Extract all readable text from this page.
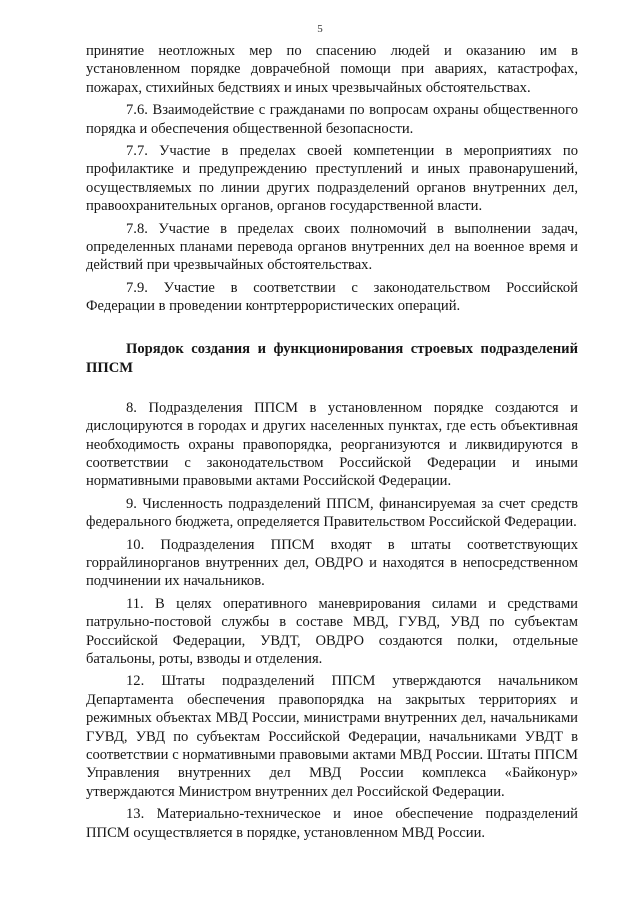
5

принятие неотложных мер по спасению людей и оказанию им в установленном порядке доврачебной помощи при авариях, катастрофах, пожарах, стихийных бедствиях и иных чрезвычайных обстоятельствах.

7.6. Взаимодействие с гражданами по вопросам охраны общественного порядка и обеспечения общественной безопасности.

7.7. Участие в пределах своей компетенции в мероприятиях по профилактике и предупреждению преступлений и иных правонарушений, осуществляемых по линии других подразделений органов внутренних дел, правоохранительных органов, органов государственной власти.

7.8. Участие в пределах своих полномочий в выполнении задач, определенных планами перевода органов внутренних дел на военное время и действий при чрезвычайных обстоятельствах.

7.9. Участие в соответствии с законодательством Российской Федерации в проведении контртеррористических операций.

Порядок создания и функционирования строевых подразделений ППСМ

8. Подразделения ППСМ в установленном порядке создаются и дислоцируются в городах и других населенных пунктах, где есть объективная необходимость охраны правопорядка, реорганизуются и ликвидируются в соответствии с законодательством Российской Федерации и иными нормативными правовыми актами Российской Федерации.

9. Численность подразделений ППСМ, финансируемая за счет средств федерального бюджета, определяется Правительством Российской Федерации.

10. Подразделения ППСМ входят в штаты соответствующих горрайлинорганов внутренних дел, ОВДРО и находятся в непосредственном подчинении их начальников.

11. В целях оперативного маневрирования силами и средствами патрульно-постовой службы в составе МВД, ГУВД, УВД по субъектам Российской Федерации, УВДТ, ОВДРО создаются полки, отдельные батальоны, роты, взводы и отделения.

12. Штаты подразделений ППСМ утверждаются начальником Департамента обеспечения правопорядка на закрытых территориях и режимных объектах МВД России, министрами внутренних дел, начальниками ГУВД, УВД по субъектам Российской Федерации, начальниками УВДТ в соответствии с нормативными правовыми актами МВД России. Штаты ППСМ Управления внутренних дел МВД России комплекса «Байконур» утверждаются Министром внутренних дел Российской Федерации.

13. Материально-техническое и иное обеспечение подразделений ППСМ осуществляется в порядке, установленном МВД России.
